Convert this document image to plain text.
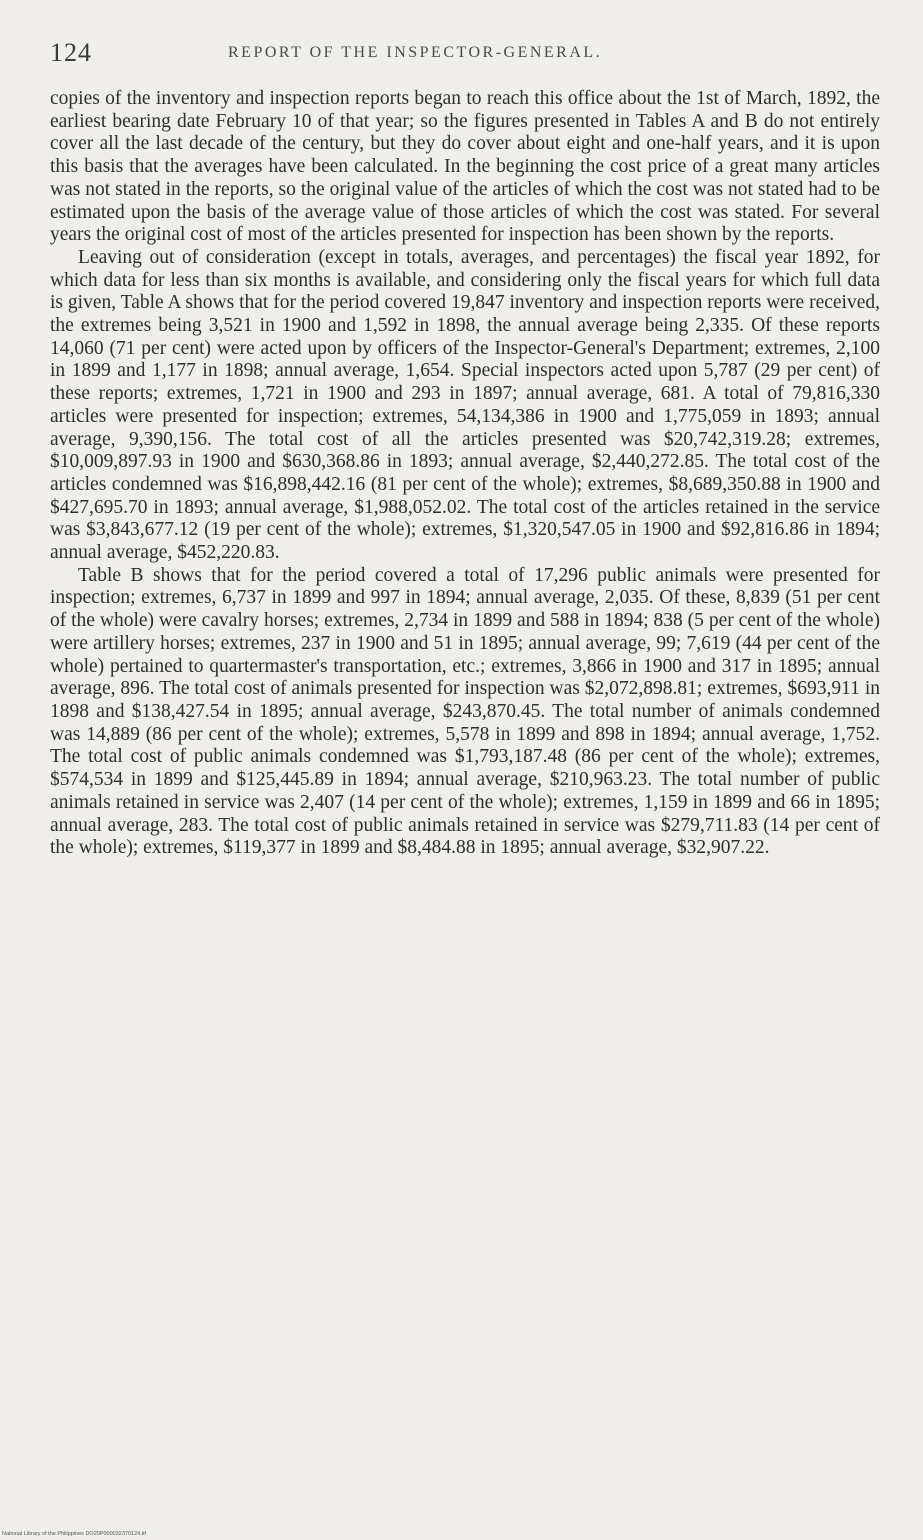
124	REPORT OF THE INSPECTOR-GENERAL.

copies of the inventory and inspection reports began to reach this office about the 1st of March, 1892, the earliest bearing date February 10 of that year; so the figures presented in Tables A and B do not entirely cover all the last decade of the century, but they do cover about eight and one-half years, and it is upon this basis that the averages have been calculated. In the beginning the cost price of a great many articles was not stated in the reports, so the original value of the articles of which the cost was not stated had to be estimated upon the basis of the average value of those articles of which the cost was stated. For several years the original cost of most of the articles presented for inspection has been shown by the reports.

Leaving out of consideration (except in totals, averages, and percentages) the fiscal year 1892, for which data for less than six months is available, and considering only the fiscal years for which full data is given, Table A shows that for the period covered 19,847 inventory and inspection reports were received, the extremes being 3,521 in 1900 and 1,592 in 1898, the annual average being 2,335. Of these reports 14,060 (71 per cent) were acted upon by officers of the Inspector-General's Department; extremes, 2,100 in 1899 and 1,177 in 1898; annual average, 1,654. Special inspectors acted upon 5,787 (29 per cent) of these reports; extremes, 1,721 in 1900 and 293 in 1897; annual average, 681. A total of 79,816,330 articles were presented for inspection; extremes, 54,134,386 in 1900 and 1,775,059 in 1893; annual average, 9,390,156. The total cost of all the articles presented was $20,742,319.28; extremes, $10,009,897.93 in 1900 and $630,368.86 in 1893; annual average, $2,440,272.85. The total cost of the articles condemned was $16,898,442.16 (81 per cent of the whole); extremes, $8,689,350.88 in 1900 and $427,695.70 in 1893; annual average, $1,988,052.02. The total cost of the articles retained in the service was $3,843,677.12 (19 per cent of the whole); extremes, $1,320,547.05 in 1900 and $92,816.86 in 1894; annual average, $452,220.83.

Table B shows that for the period covered a total of 17,296 public animals were presented for inspection; extremes, 6,737 in 1899 and 997 in 1894; annual average, 2,035. Of these, 8,839 (51 per cent of the whole) were cavalry horses; extremes, 2,734 in 1899 and 588 in 1894; 838 (5 per cent of the whole) were artillery horses; extremes, 237 in 1900 and 51 in 1895; annual average, 99; 7,619 (44 per cent of the whole) pertained to quartermaster's transportation, etc.; extremes, 3,866 in 1900 and 317 in 1895; annual average, 896. The total cost of animals presented for inspection was $2,072,898.81; extremes, $693,911 in 1898 and $138,427.54 in 1895; annual average, $243,870.45. The total number of animals condemned was 14,889 (86 per cent of the whole); extremes, 5,578 in 1899 and 898 in 1894; annual average, 1,752. The total cost of public animals condemned was $1,793,187.48 (86 per cent of the whole); extremes, $574,534 in 1899 and $125,445.89 in 1894; annual average, $210,963.23. The total number of public animals retained in service was 2,407 (14 per cent of the whole); extremes, 1,159 in 1899 and 66 in 1895; annual average, 283. The total cost of public animals retained in service was $279,711.83 (14 per cent of the whole); extremes, $119,377 in 1899 and $8,484.88 in 1895; annual average, $32,907.22.

National Library of the Philippines DO20P000032370124.tif
